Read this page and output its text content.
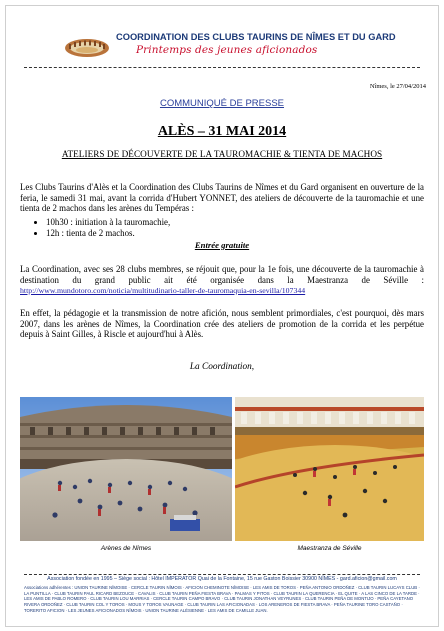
COORDINATION DES CLUBS TAURINS DE NÎMES ET DU GARD
Printemps des jeunes aficionados
Nîmes, le 27/04/2014
COMMUNIQUÉ DE PRESSE
ALÈS – 31 MAI 2014
ATELIERS DE DÉCOUVERTE DE LA TAUROMACHIE & TIENTA DE MACHOS
Les Clubs Taurins d'Alès et la Coordination des Clubs Taurins de Nîmes et du Gard organisent en ouverture de la feria, le samedi 31 mai, avant la corrida d'Hubert YONNET, des ateliers de découverte de la tauromachie et une tienta de 2 machos dans les arènes du Tempéras :
• 10h30 : initiation à la tauromachie,
• 12h : tienta de 2 machos.
Entrée gratuite
La Coordination, avec ses 28 clubs membres, se réjouit que, pour la 1e fois, une découverte de la tauromachie à destination du grand public ait été organisée dans la Maestranza de Séville : http://www.mundotoro.com/noticia/multitudinario-taller-de-tauromaquia-en-sevilla/107344
En effet, la pédagogie et la transmission de notre afición, nous semblent primordiales, c'est pourquoi, dès mars 2007, dans les arènes de Nîmes, la Coordination crée des ateliers de promotion de la corrida et les perpétue depuis à Saint Gilles, à Riscle et aujourd'hui à Alès.
La Coordination,
Arènes de Nîmes	Maestranza de Séville
Association fondée en 1995 – Siège social : Hôtel IMPERATOR Quai de la Fontaine, 15 rue Gaston Boissier 30900 NÎMES - gard.aficion@gmail.com
Associations adhérentes : UNION TAURINE NÎMOISE · CERCLE TAURIN NÎMOIS · AFICION CHEMINOTE NÎMOISE · LES AMIS DE TOROS · PEÑA ANTONIO ORDOÑEZ · CLUB TAURIN LUCAYS CLUB · LA PUNTILLA · CLUB TAURIN PAUL RICARD BEZOUCE · CAVALIS · CLUB TAURIN PEÑA FIESTA BRAVA · PALMAS Y PITOS · CLUB TAURIN LA QUERENCIA · EL QUITE · A LAS CINCO DE LA TARDE · LES AMIS DE PABLO ROMERO · CLUB TAURIN LOU MARRIAS · CERCLE TAURIN CAMPO BRAVO · CLUB TAURIN JONATHAN VEYRUNES · CLUB TAURIN PEÑA DE MONTIJO · PEÑA CAYETANO RIVERA ORDOÑEZ · CLUB TAURIN COL Y TOROS · MOUS Y TOROS VAUNAGE · CLUB TAURIN LAS AFICIONADAS · LOS ARENEROS DE FIESTA BRAVA · PEÑA TAURINE TORO CASTAÑO · TORERITO AFICION · LES JEUNES AFICIONADOS NÎMOIS · UNION TAURINE ALÉSIENNE · LES AMIS DE CAMILLE JUAN.
